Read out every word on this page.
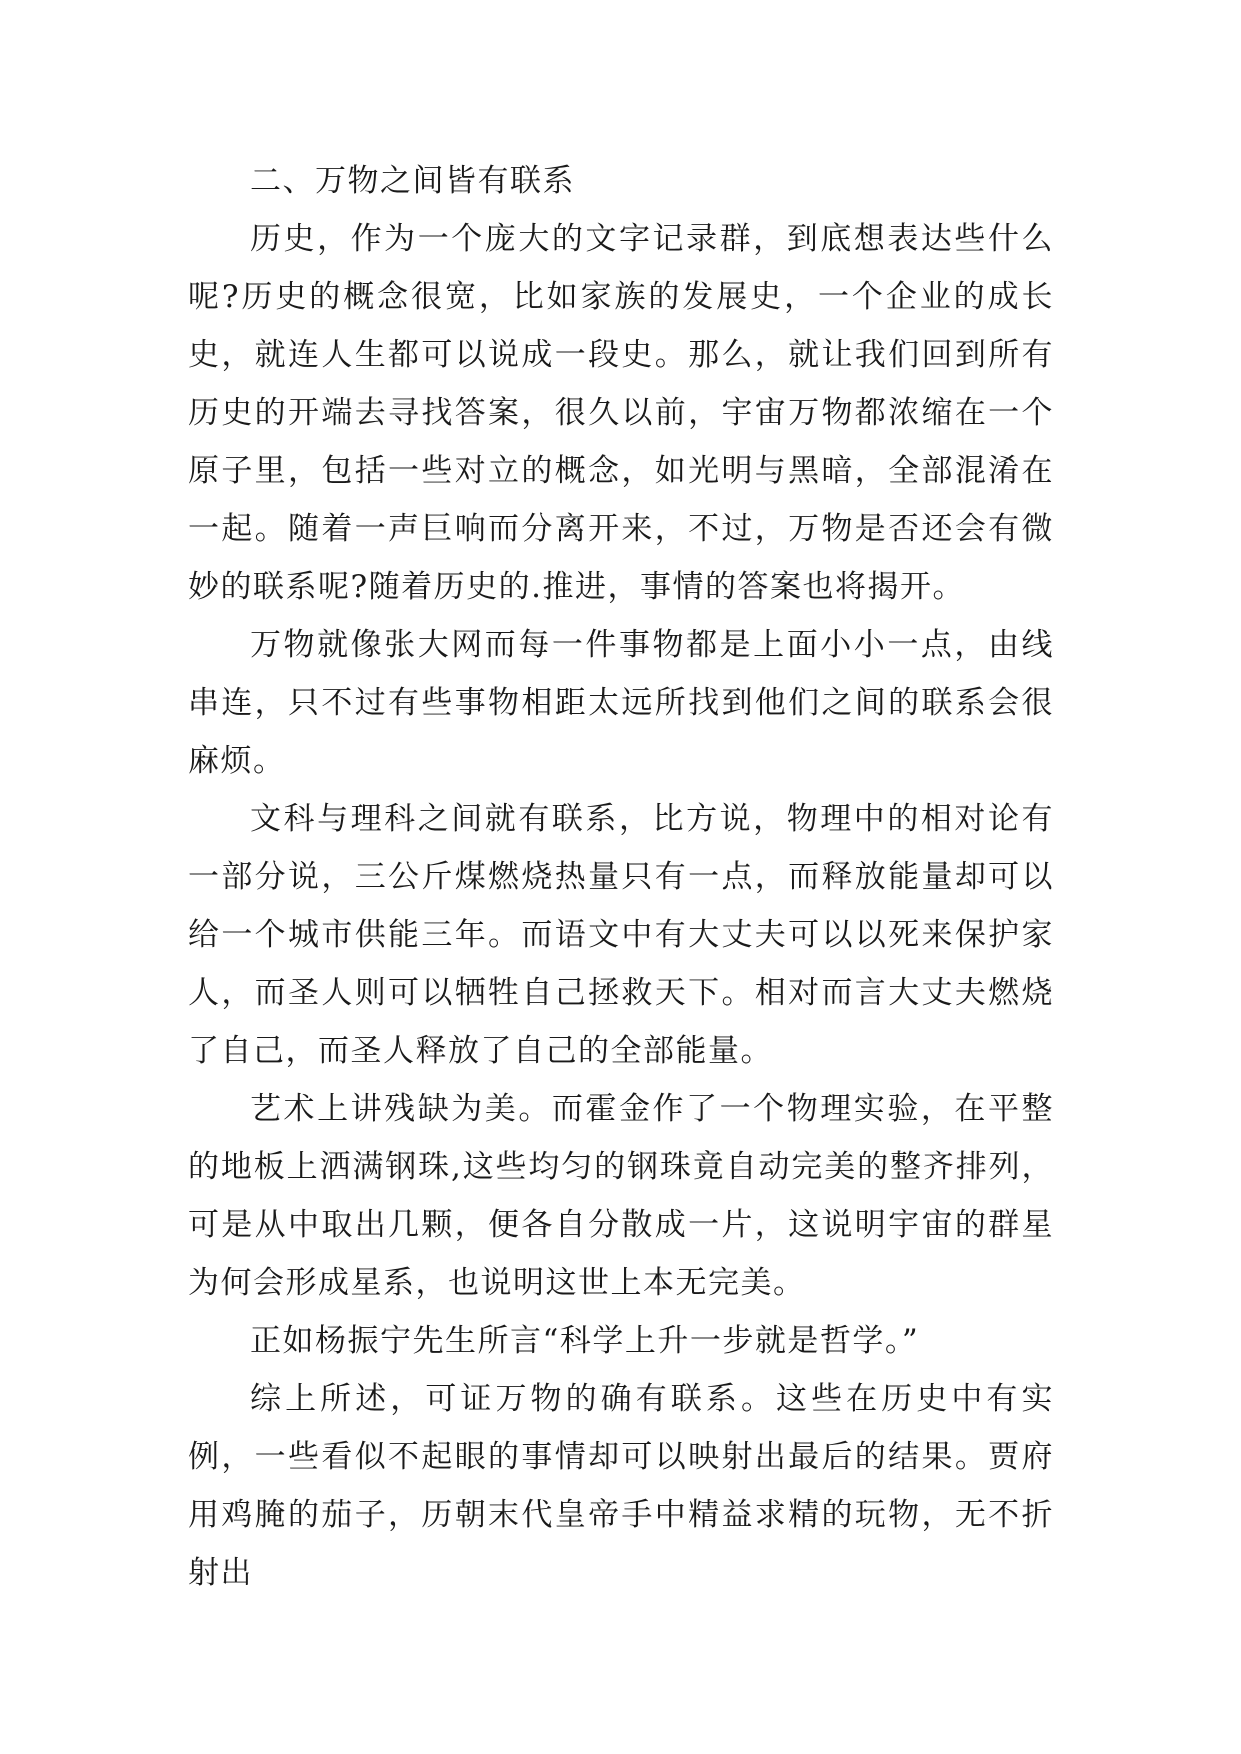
二、万物之间皆有联系

历史，作为一个庞大的文字记录群，到底想表达些什么呢?历史的概念很宽，比如家族的发展史，一个企业的成长史，就连人生都可以说成一段史。那么，就让我们回到所有历史的开端去寻找答案，很久以前，宇宙万物都浓缩在一个原子里，包括一些对立的概念，如光明与黑暗，全部混淆在一起。随着一声巨响而分离开来，不过，万物是否还会有微妙的联系呢?随着历史的.推进，事情的答案也将揭开。

万物就像张大网而每一件事物都是上面小小一点，由线串连，只不过有些事物相距太远所找到他们之间的联系会很麻烦。

文科与理科之间就有联系，比方说，物理中的相对论有一部分说，三公斤煤燃烧热量只有一点，而释放能量却可以给一个城市供能三年。而语文中有大丈夫可以以死来保护家人，而圣人则可以牺牲自己拯救天下。相对而言大丈夫燃烧了自己，而圣人释放了自己的全部能量。

艺术上讲残缺为美。而霍金作了一个物理实验，在平整的地板上洒满钢珠,这些均匀的钢珠竟自动完美的整齐排列，可是从中取出几颗，便各自分散成一片，这说明宇宙的群星为何会形成星系，也说明这世上本无完美。

正如杨振宁先生所言“科学上升一步就是哲学。”

综上所述，可证万物的确有联系。这些在历史中有实例，一些看似不起眼的事情却可以映射出最后的结果。贾府用鸡腌的茄子，历朝末代皇帝手中精益求精的玩物，无不折射出
